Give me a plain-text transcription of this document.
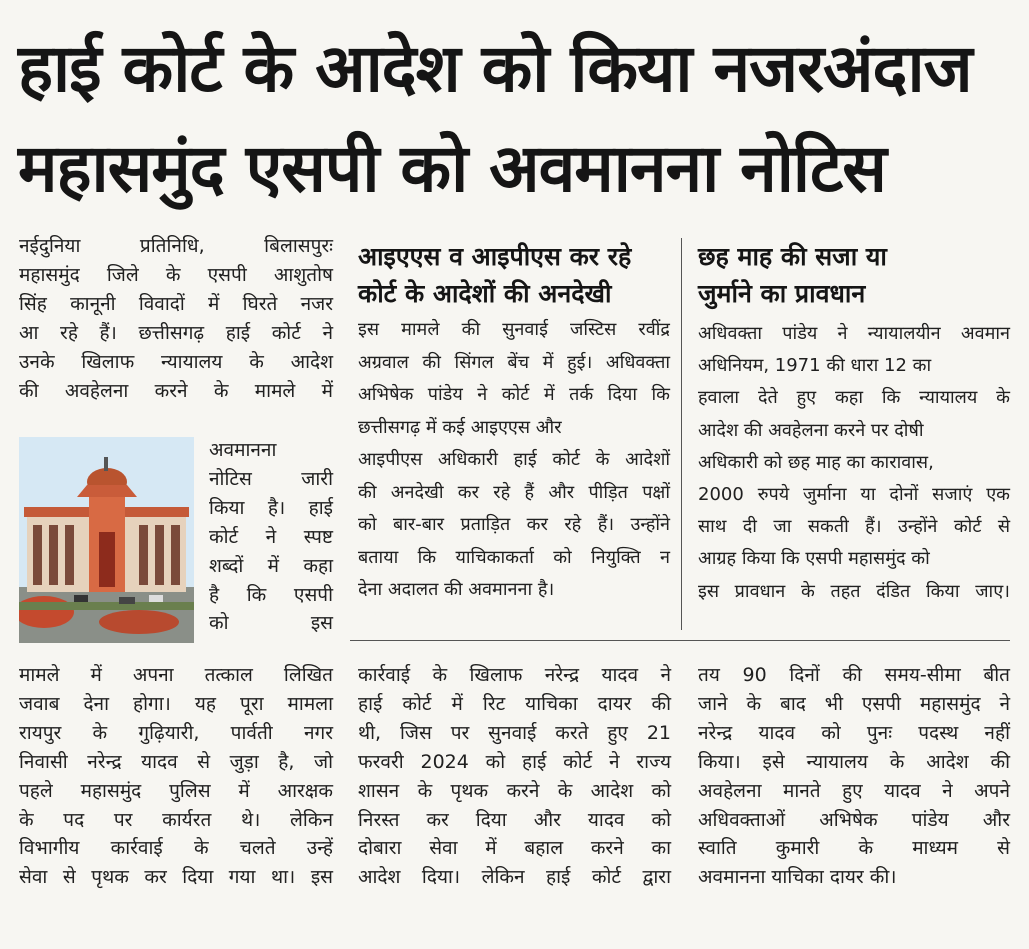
हाई कोर्ट के आदेश को किया नजरअंदाज
महासमुंद एसपी को अवमानना नोटिस

नईदुनिया प्रतिनिधि, बिलासपुरः

महासमुंद जिले के एसपी आशुतोष

सिंह कानूनी विवादों में घिरते नजर

आ रहे हैं। छत्तीसगढ़ हाई कोर्ट ने

उनके खिलाफ न्यायालय के आदेश

की अवहेलना करने के मामले में

अवमानना

नोटिस जारी

किया है। हाई

कोर्ट ने स्पष्ट

शब्दों में कहा

है कि एसपी

को इस

मामले में अपना तत्काल लिखित

जवाब देना होगा। यह पूरा मामला

रायपुर के गुढ़ियारी, पार्वती नगर

निवासी नरेन्द्र यादव से जुड़ा है, जो

पहले महासमुंद पुलिस में आरक्षक

के पद पर कार्यरत थे। लेकिन

विभागीय कार्रवाई के चलते उन्हें

सेवा से पृथक कर दिया गया था। इस

आइएएस व आइपीएस कर रहे
कोर्ट के आदेशों की अनदेखी

इस मामले की सुनवाई जस्टिस रवींद्र

अग्रवाल की सिंगल बेंच में हुई। अधिवक्ता

अभिषेक पांडेय ने कोर्ट में तर्क दिया कि

छत्तीसगढ़ में कई आइएएस और

आइपीएस अधिकारी हाई कोर्ट के आदेशों

की अनदेखी कर रहे हैं और पीड़ित पक्षों

को बार-बार प्रताड़ित कर रहे हैं। उन्होंने

बताया कि याचिकाकर्ता को नियुक्ति न

देना अदालत की अवमानना है।

कार्रवाई के खिलाफ नरेन्द्र यादव ने

हाई कोर्ट में रिट याचिका दायर की

थी, जिस पर सुनवाई करते हुए 21

फरवरी 2024 को हाई कोर्ट ने राज्य

शासन के पृथक करने के आदेश को

निरस्त कर दिया और यादव को

दोबारा सेवा में बहाल करने का

आदेश दिया। लेकिन हाई कोर्ट द्वारा

छह माह की सजा या
जुर्माने का प्रावधान

अधिवक्ता पांडेय ने न्यायालयीन अवमान

अधिनियम, 1971 की धारा 12 का

हवाला देते हुए कहा कि न्यायालय के

आदेश की अवहेलना करने पर दोषी

अधिकारी को छह माह का कारावास,

2000 रुपये जुर्माना या दोनों सजाएं एक

साथ दी जा सकती हैं। उन्होंने कोर्ट से

आग्रह किया कि एसपी महासमुंद को

इस प्रावधान के तहत दंडित किया जाए।

तय 90 दिनों की समय-सीमा बीत

जाने के बाद भी एसपी महासमुंद ने

नरेन्द्र यादव को पुनः पदस्थ नहीं

किया। इसे न्यायालय के आदेश की

अवहेलना मानते हुए यादव ने अपने

अधिवक्ताओं अभिषेक पांडेय और

स्वाति कुमारी के माध्यम से

अवमानना याचिका दायर की।
